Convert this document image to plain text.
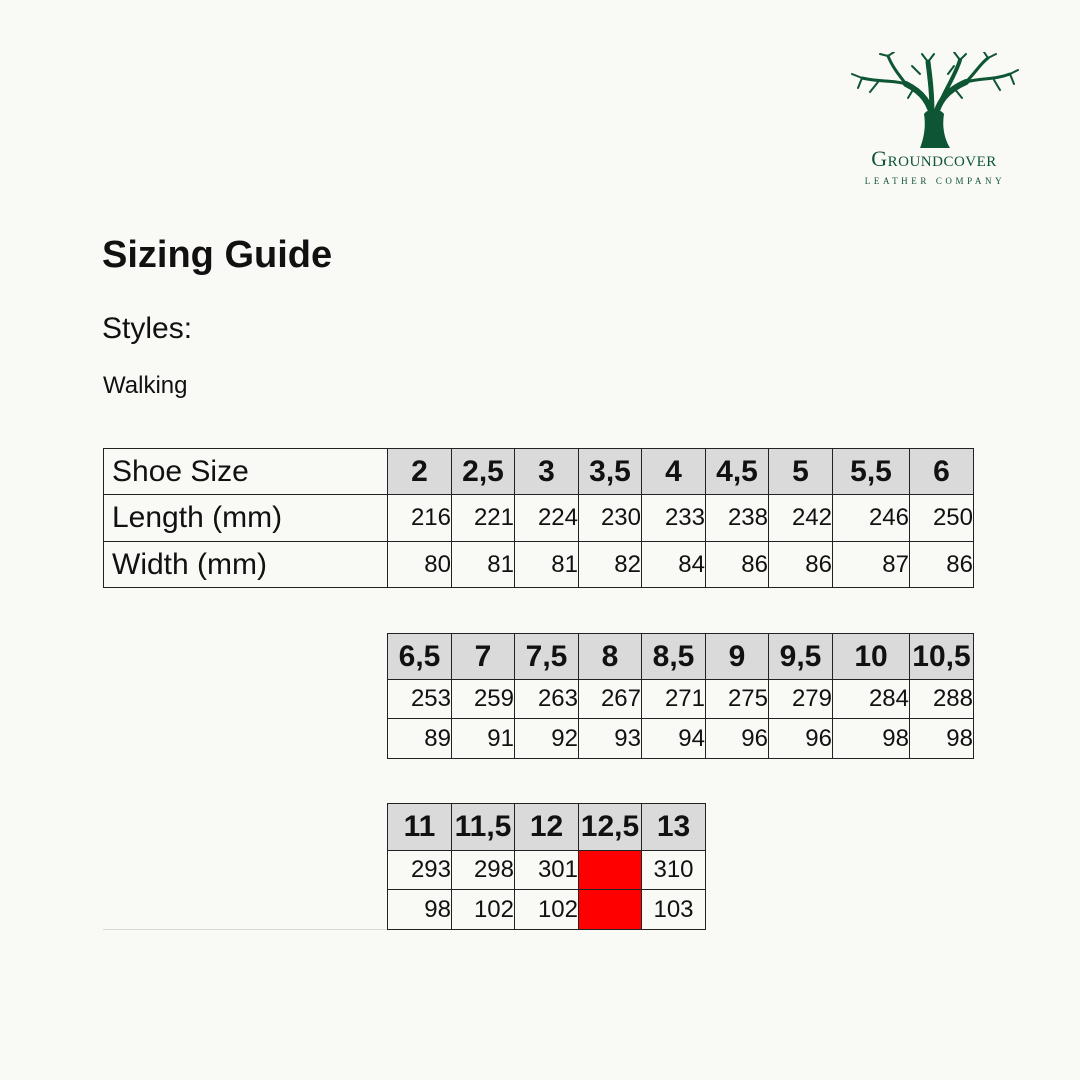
Groundcover
LEATHER COMPANY
Sizing Guide
Styles:
Walking
Shoe Size	2	2,5	3	3,5	4	4,5	5	5,5	6
Length (mm)	216	221	224	230	233	238	242	246	250
Width (mm)	80	81	81	82	84	86	86	87	86
6,5	7	7,5	8	8,5	9	9,5	10	10,5
253	259	263	267	271	275	279	284	288
89	91	92	93	94	96	96	98	98
11	11,5	12	12,5	13
293	298	301		310
98	102	102		103
